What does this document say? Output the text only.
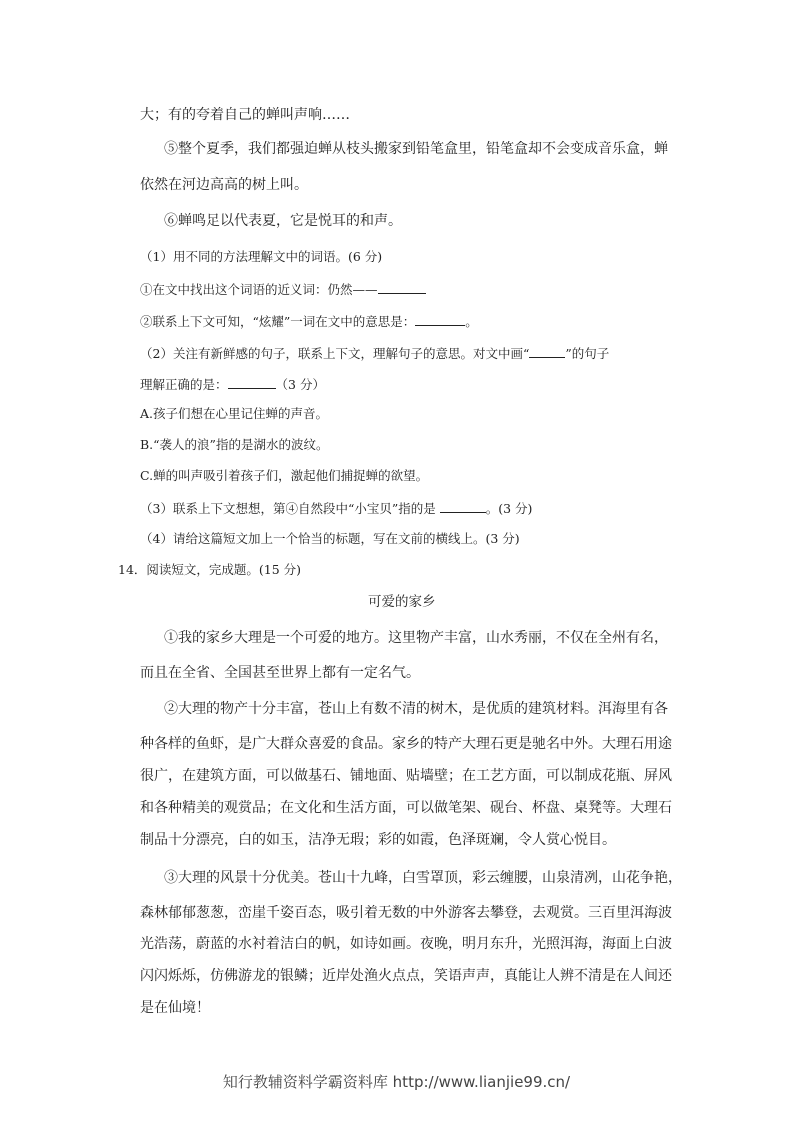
大；有的夸着自己的蝉叫声响……
⑤整个夏季，我们都强迫蝉从枝头搬家到铅笔盒里，铅笔盒却不会变成音乐盒，蝉
依然在河边高高的树上叫。
⑥蝉鸣足以代表夏，它是悦耳的和声。
（1）用不同的方法理解文中的词语。(6 分)
①在文中找出这个词语的近义词：仍然——
②联系上下文可知，“炫耀”一词在文中的意思是：	。
（2）关注有新鲜感的句子，联系上下文，理解句子的意思。对文中画“	”的句子
理解正确的是：	（3 分）
A.孩子们想在心里记住蝉的声音。
B.“袭人的浪”指的是湖水的波纹。
C.蝉的叫声吸引着孩子们，激起他们捕捉蝉的欲望。
（3）联系上下文想想，第④自然段中“小宝贝”指的是	。(3 分)
（4）请给这篇短文加上一个恰当的标题，写在文前的横线上。(3 分)
14．阅读短文，完成题。(15 分)
可爱的家乡
①我的家乡大理是一个可爱的地方。这里物产丰富，山水秀丽，不仅在全州有名，
而且在全省、全国甚至世界上都有一定名气。
②大理的物产十分丰富，苍山上有数不清的树木，是优质的建筑材料。洱海里有各
种各样的鱼虾，是广大群众喜爱的食品。家乡的特产大理石更是驰名中外。大理石用途
很广，在建筑方面，可以做基石、铺地面、贴墙壁；在工艺方面，可以制成花瓶、屏风
和各种精美的观赏品；在文化和生活方面，可以做笔架、砚台、杯盘、桌凳等。大理石
制品十分漂亮，白的如玉，洁净无瑕；彩的如霞，色泽斑斓，令人赏心悦目。
③大理的风景十分优美。苍山十九峰，白雪罩顶，彩云缠腰，山泉清冽，山花争艳，
森林郁郁葱葱，峦崖千姿百态，吸引着无数的中外游客去攀登，去观赏。三百里洱海波
光浩荡，蔚蓝的水衬着洁白的帆，如诗如画。夜晚，明月东升，光照洱海，海面上白波
闪闪烁烁，仿佛游龙的银鳞；近岸处渔火点点，笑语声声，真能让人辨不清是在人间还
是在仙境！
知行教辅资料学霸资料库 http://www.lianjie99.cn/
